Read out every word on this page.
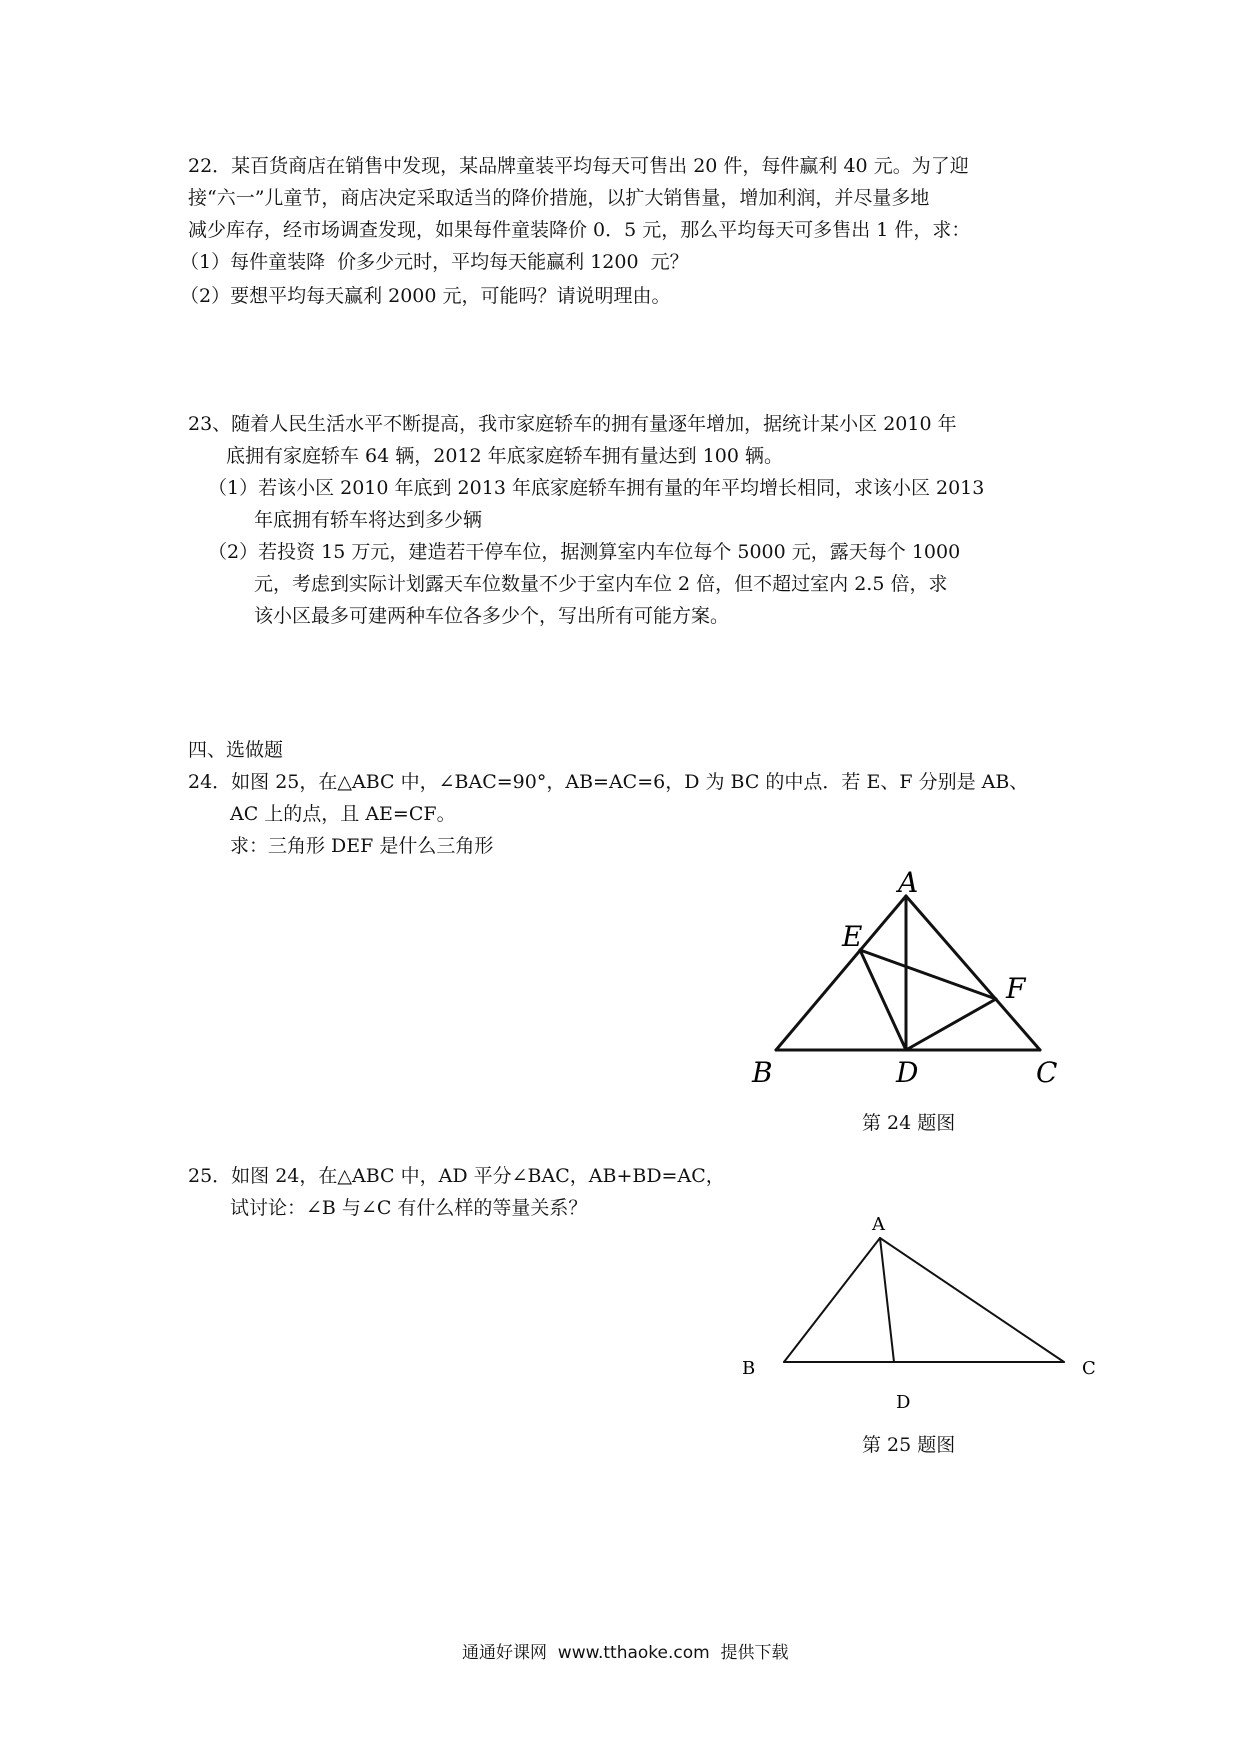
22．某百货商店在销售中发现，某品牌童装平均每天可售出 20 件，每件赢利 40 元。为了迎
接“六一”儿童节，商店决定采取适当的降价措施，以扩大销售量，增加利润，并尽量多地
减少库存，经市场调查发现，如果每件童装降价 0．5 元，那么平均每天可多售出 1 件，求：
（1）每件童装降  价多少元时，平均每天能赢利 1200  元？
（2）要想平均每天赢利 2000 元，可能吗？请说明理由。
23、随着人民生活水平不断提高，我市家庭轿车的拥有量逐年增加，据统计某小区 2010 年
底拥有家庭轿车 64 辆，2012 年底家庭轿车拥有量达到 100 辆。
（1）若该小区 2010 年底到 2013 年底家庭轿车拥有量的年平均增长相同，求该小区 2013
年底拥有轿车将达到多少辆
（2）若投资 15 万元，建造若干停车位，据测算室内车位每个 5000 元，露天每个 1000
元，考虑到实际计划露天车位数量不少于室内车位 2 倍，但不超过室内 2.5 倍，求
该小区最多可建两种车位各多少个，写出所有可能方案。
四、选做题
24．如图 25，在△ABC 中，∠BAC=90°，AB=AC=6，D 为 BC 的中点．若 E、F 分别是 AB、
AC 上的点，且 AE=CF。
求：三角形 DEF 是什么三角形
A
E
F
B	D	C
A
B	C
D
第 24 题图
25．如图 24，在△ABC 中，AD 平分∠BAC，AB+BD=AC，
试讨论：∠B 与∠C 有什么样的等量关系？
第 25 题图
通通好课网  www.tthaoke.com  提供下载
